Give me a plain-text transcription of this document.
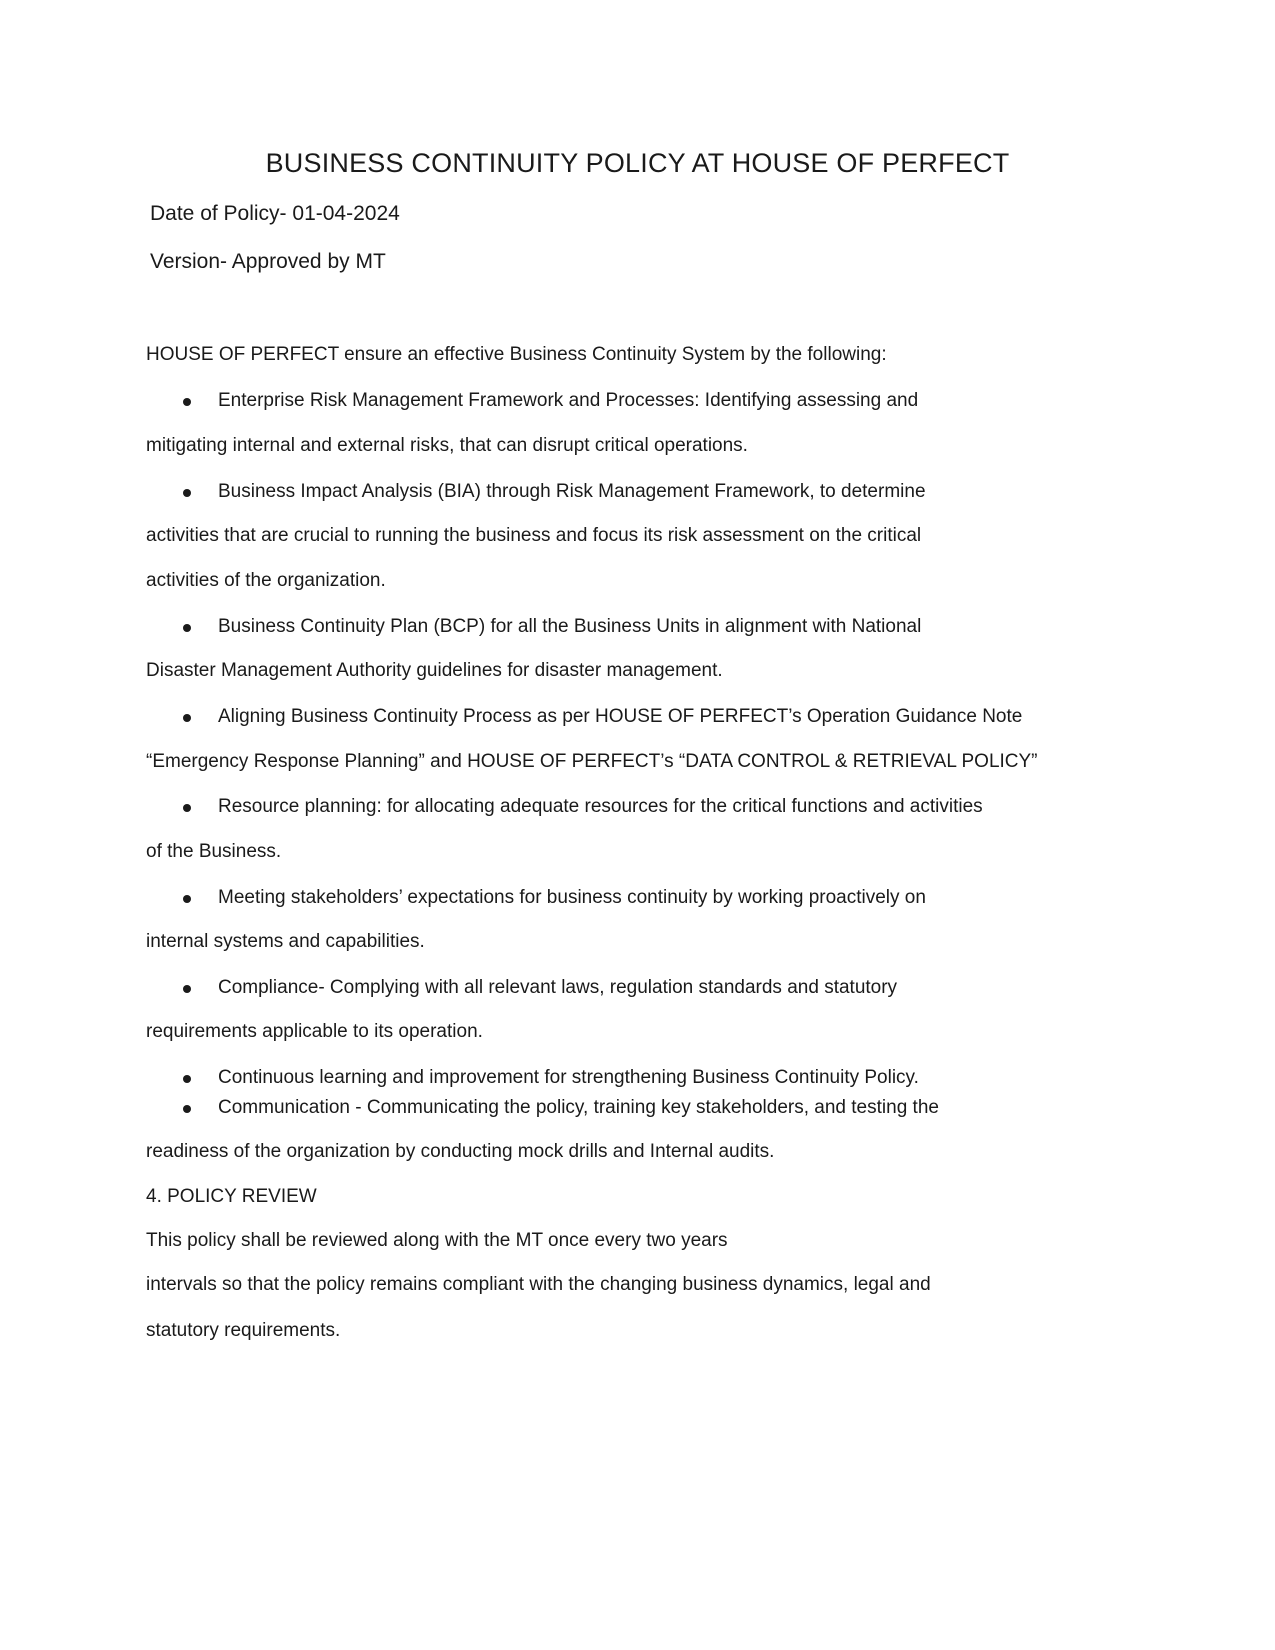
BUSINESS CONTINUITY POLICY AT HOUSE OF PERFECT
Date of Policy- 01-04-2024
Version- Approved by MT
HOUSE OF PERFECT ensure an effective Business Continuity System by the following:
Enterprise Risk Management Framework and Processes: Identifying assessing and
mitigating internal and external risks, that can disrupt critical operations.
Business Impact Analysis (BIA) through Risk Management Framework, to determine
activities that are crucial to running the business and focus its risk assessment on the critical
activities of the organization.
Business Continuity Plan (BCP) for all the Business Units in alignment with National
Disaster Management Authority guidelines for disaster management.
Aligning Business Continuity Process as per HOUSE OF PERFECT’s Operation Guidance Note
“Emergency Response Planning” and HOUSE OF PERFECT’s “DATA CONTROL & RETRIEVAL POLICY”
Resource planning: for allocating adequate resources for the critical functions and activities
of the Business.
Meeting stakeholders’ expectations for business continuity by working proactively on
internal systems and capabilities.
Compliance- Complying with all relevant laws, regulation standards and statutory
requirements applicable to its operation.
Continuous learning and improvement for strengthening Business Continuity Policy.
Communication - Communicating the policy, training key stakeholders, and testing the
readiness of the organization by conducting mock drills and Internal audits.
4. POLICY REVIEW
This policy shall be reviewed along with the MT once every two years
intervals so that the policy remains compliant with the changing business dynamics, legal and
statutory requirements.
